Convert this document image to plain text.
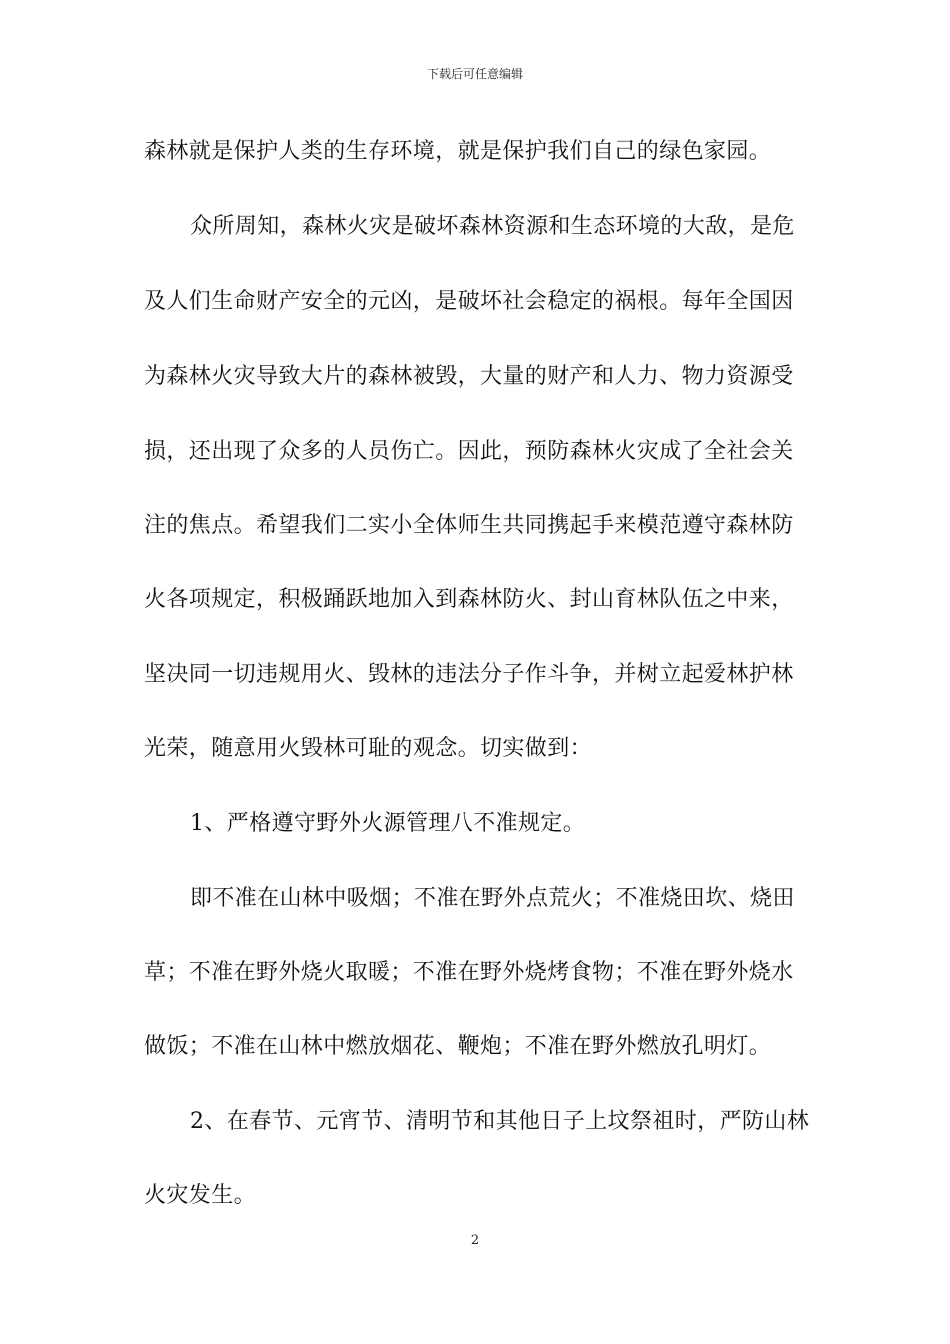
下载后可任意编辑
森林就是保护人类的生存环境，就是保护我们自己的绿色家园。
众所周知，森林火灾是破坏森林资源和生态环境的大敌，是危
及人们生命财产安全的元凶，是破坏社会稳定的祸根。每年全国因
为森林火灾导致大片的森林被毁，大量的财产和人力、物力资源受
损，还出现了众多的人员伤亡。因此，预防森林火灾成了全社会关
注的焦点。希望我们二实小全体师生共同携起手来模范遵守森林防
火各项规定，积极踊跃地加入到森林防火、封山育林队伍之中来，
坚决同一切违规用火、毁林的违法分子作斗争，并树立起爱林护林
光荣，随意用火毁林可耻的观念。切实做到：
1、严格遵守野外火源管理八不准规定。
即不准在山林中吸烟；不准在野外点荒火；不准烧田坎、烧田
草；不准在野外烧火取暖；不准在野外烧烤食物；不准在野外烧水
做饭；不准在山林中燃放烟花、鞭炮；不准在野外燃放孔明灯。
2、在春节、元宵节、清明节和其他日子上坟祭祖时，严防山林
火灾发生。
2
